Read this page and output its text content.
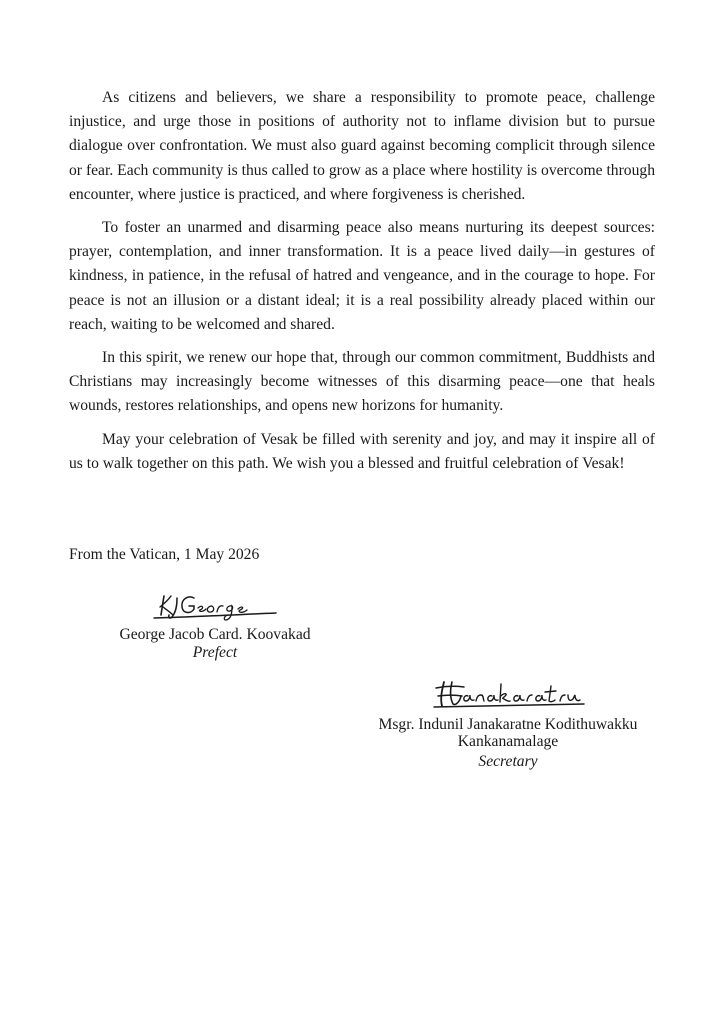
As citizens and believers, we share a responsibility to promote peace, challenge injustice, and urge those in positions of authority not to inflame division but to pursue dialogue over confrontation. We must also guard against becoming complicit through silence or fear. Each community is thus called to grow as a place where hostility is overcome through encounter, where justice is practiced, and where forgiveness is cherished.

To foster an unarmed and disarming peace also means nurturing its deepest sources: prayer, contemplation, and inner transformation. It is a peace lived daily—in gestures of kindness, in patience, in the refusal of hatred and vengeance, and in the courage to hope. For peace is not an illusion or a distant ideal; it is a real possibility already placed within our reach, waiting to be welcomed and shared.

In this spirit, we renew our hope that, through our common commitment, Buddhists and Christians may increasingly become witnesses of this disarming peace—one that heals wounds, restores relationships, and opens new horizons for humanity.

May your celebration of Vesak be filled with serenity and joy, and may it inspire all of us to walk together on this path. We wish you a blessed and fruitful celebration of Vesak!

From the Vatican, 1 May 2026
George Jacob Card. Koovakad
Prefect
Msgr. Indunil Janakaratne Kodithuwakku
Kankanamalage
Secretary
